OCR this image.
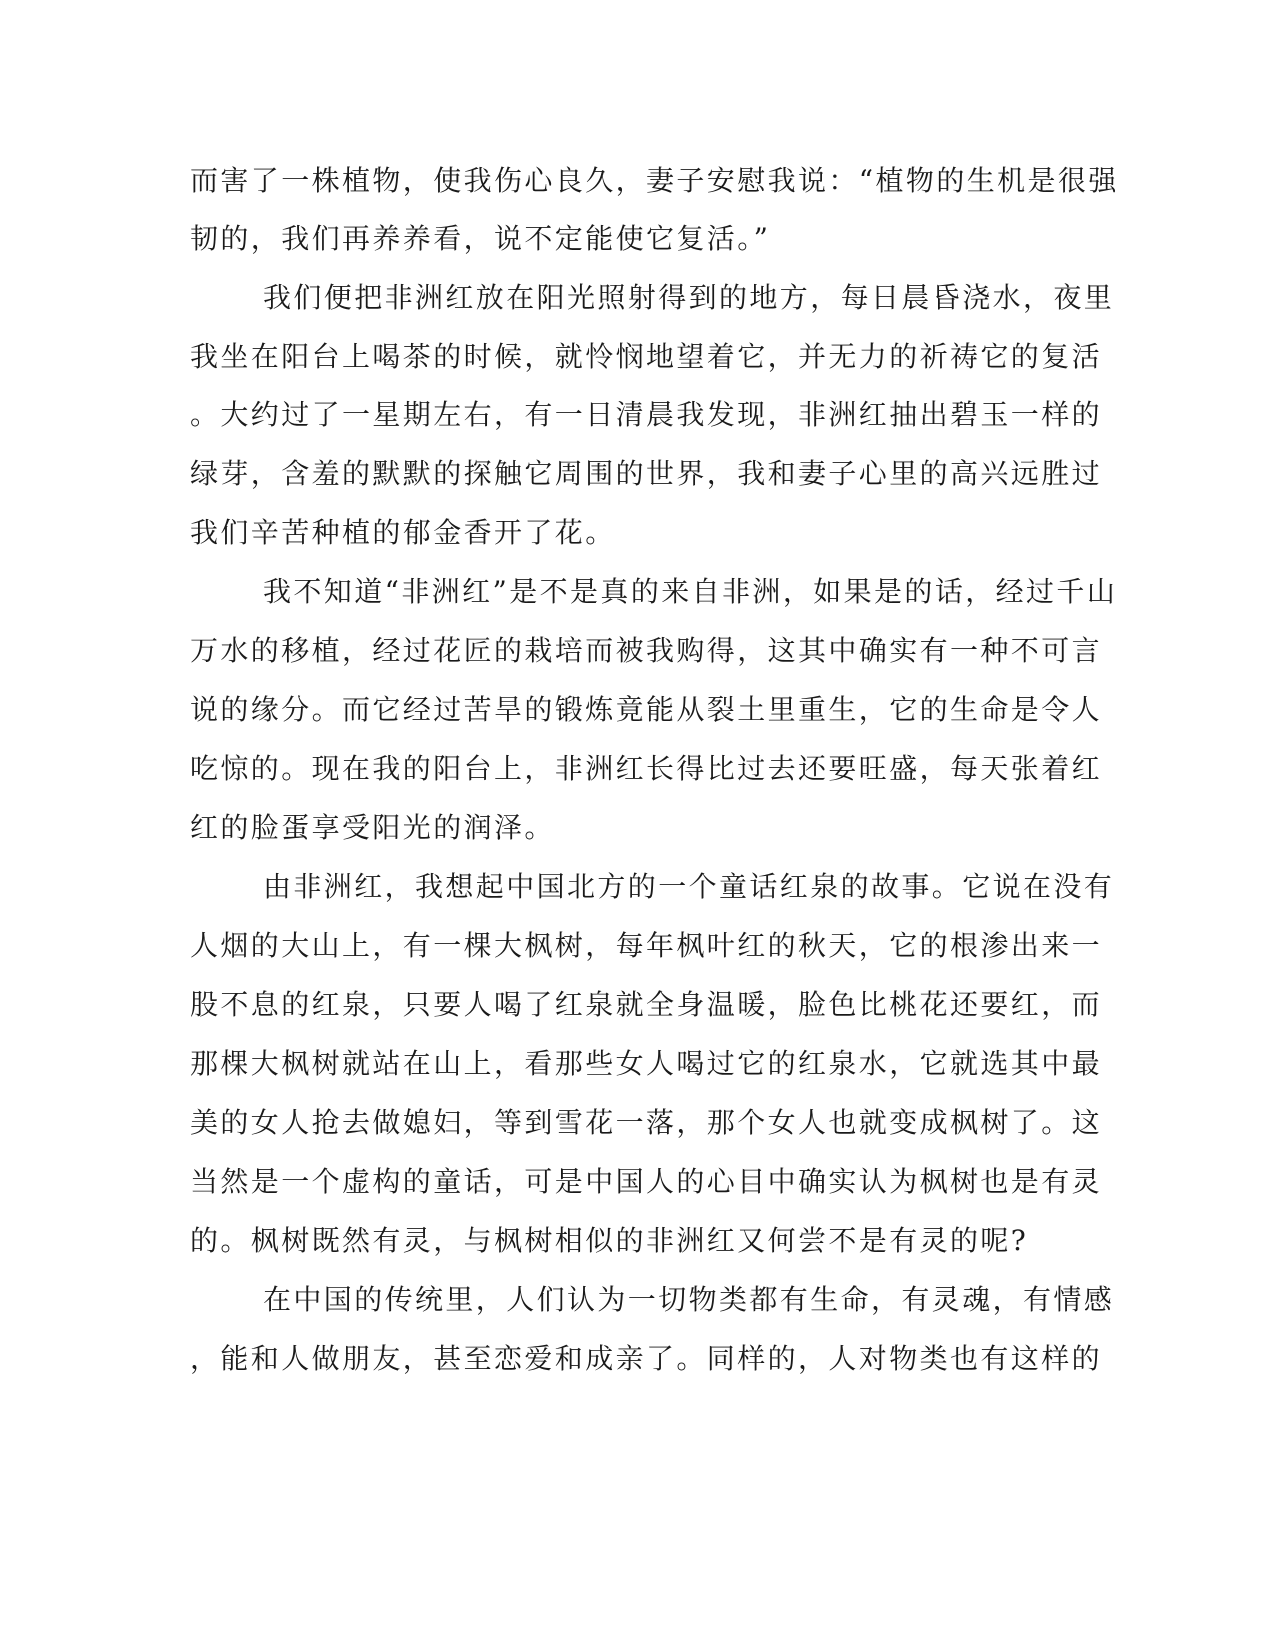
而害了一株植物，使我伤心良久，妻子安慰我说：“植物的生机是很强
韧的，我们再养养看，说不定能使它复活。”
我们便把非洲红放在阳光照射得到的地方，每日晨昏浇水，夜里
我坐在阳台上喝茶的时候，就怜悯地望着它，并无力的祈祷它的复活
。大约过了一星期左右，有一日清晨我发现，非洲红抽出碧玉一样的
绿芽，含羞的默默的探触它周围的世界，我和妻子心里的高兴远胜过
我们辛苦种植的郁金香开了花。
我不知道“非洲红”是不是真的来自非洲，如果是的话，经过千山
万水的移植，经过花匠的栽培而被我购得，这其中确实有一种不可言
说的缘分。而它经过苦旱的锻炼竟能从裂土里重生，它的生命是令人
吃惊的。现在我的阳台上，非洲红长得比过去还要旺盛，每天张着红
红的脸蛋享受阳光的润泽。
由非洲红，我想起中国北方的一个童话红泉的故事。它说在没有
人烟的大山上，有一棵大枫树，每年枫叶红的秋天，它的根渗出来一
股不息的红泉，只要人喝了红泉就全身温暖，脸色比桃花还要红，而
那棵大枫树就站在山上，看那些女人喝过它的红泉水，它就选其中最
美的女人抢去做媳妇，等到雪花一落，那个女人也就变成枫树了。这
当然是一个虚构的童话，可是中国人的心目中确实认为枫树也是有灵
的。枫树既然有灵，与枫树相似的非洲红又何尝不是有灵的呢?
在中国的传统里，人们认为一切物类都有生命，有灵魂，有情感
，能和人做朋友，甚至恋爱和成亲了。同样的，人对物类也有这样的
